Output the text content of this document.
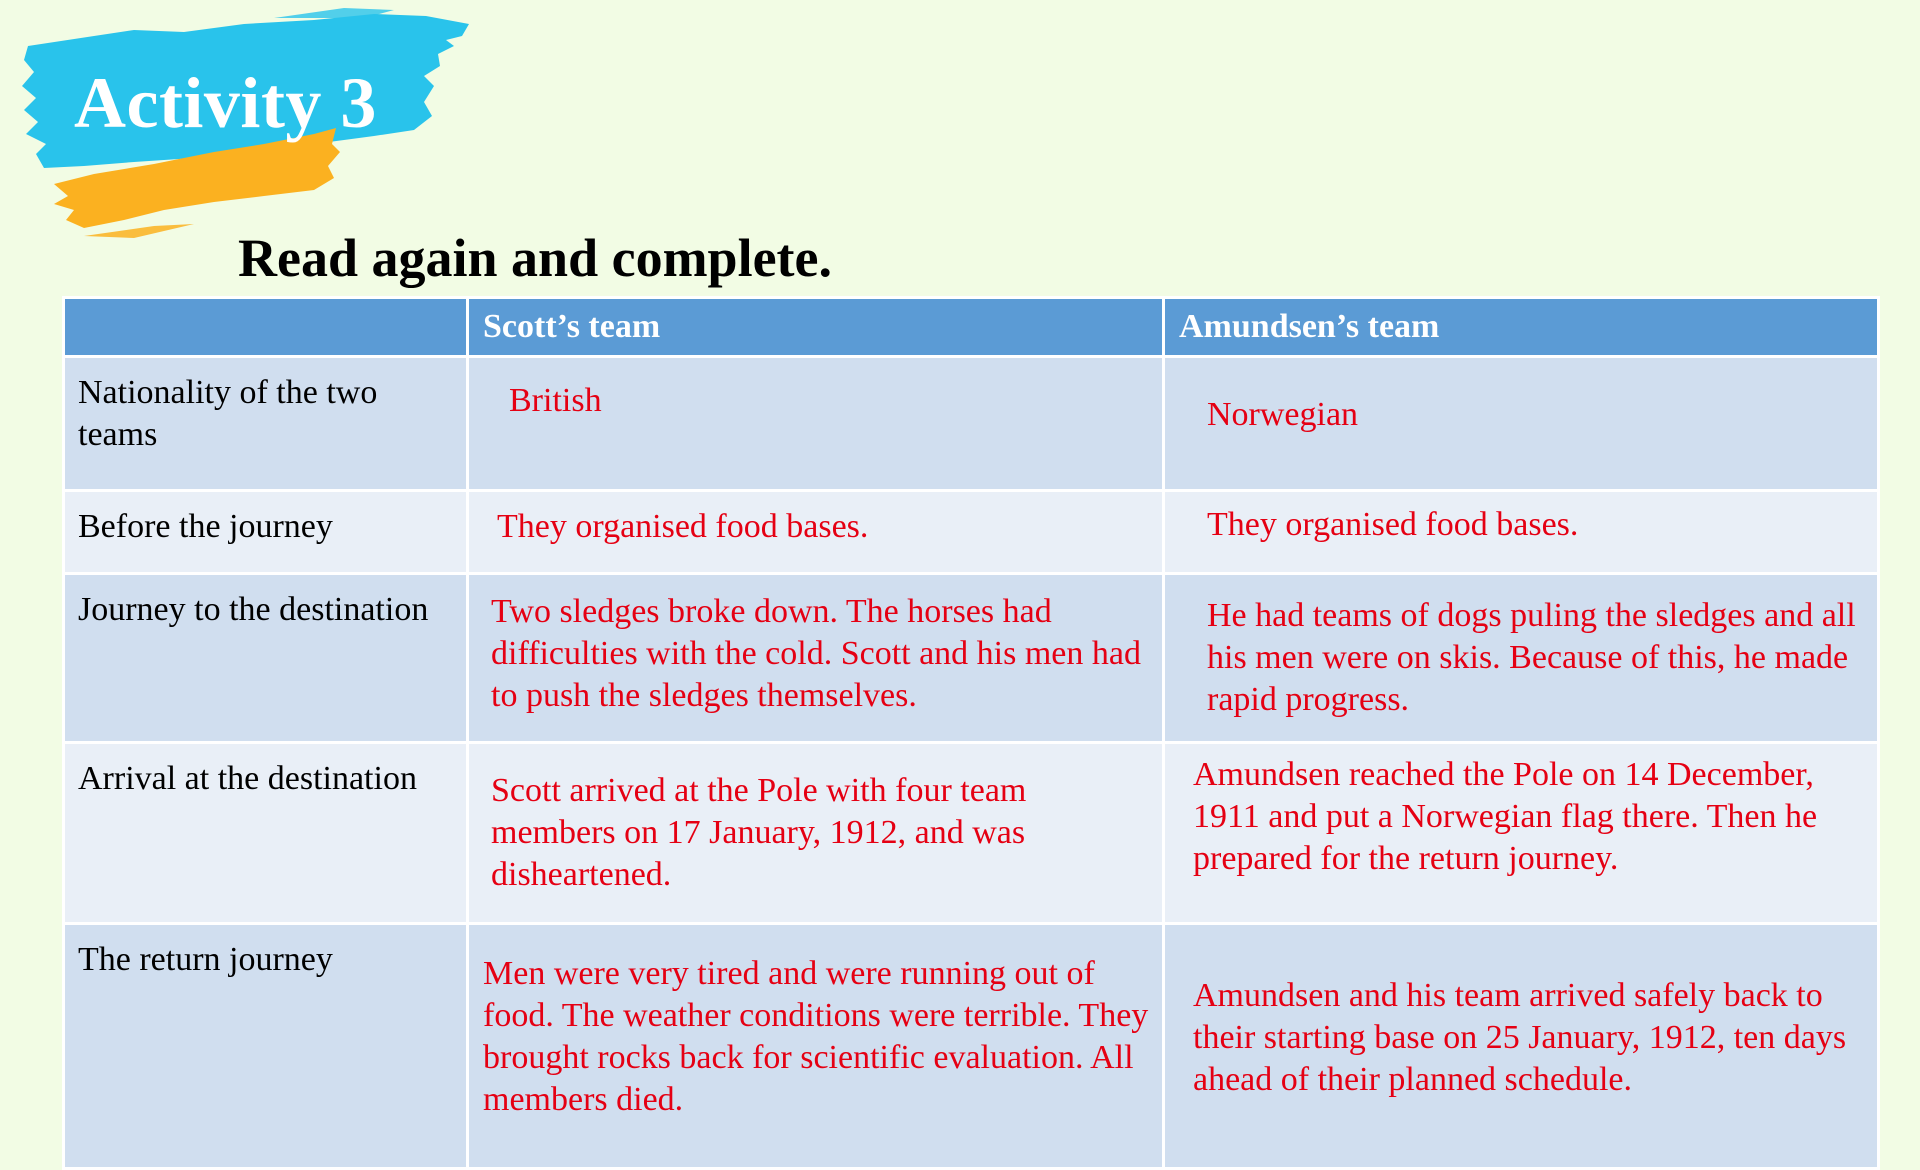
Activity 3
Read again and complete.
	Scott’s team	Amundsen’s team
Nationality of the two teams	British	Norwegian
Before the journey	They organised food bases.	They organised food bases.
Journey to the destination	Two sledges broke down. The horses had difficulties with the cold. Scott and his men had to push the sledges themselves.	He had teams of dogs puling the sledges and all his men were on skis. Because of this, he made rapid progress.
Arrival at the destination	Scott arrived at the Pole with four team members on 17 January, 1912, and was disheartened.	Amundsen reached the Pole on 14 December, 1911 and put a Norwegian flag there. Then he prepared for the return journey.
The return journey	Men were very tired and were running out of food. The weather conditions were terrible. They brought rocks back for scientific evaluation. All members died.	Amundsen and his team arrived safely back to their starting base on 25 January, 1912, ten days ahead of their planned schedule.
